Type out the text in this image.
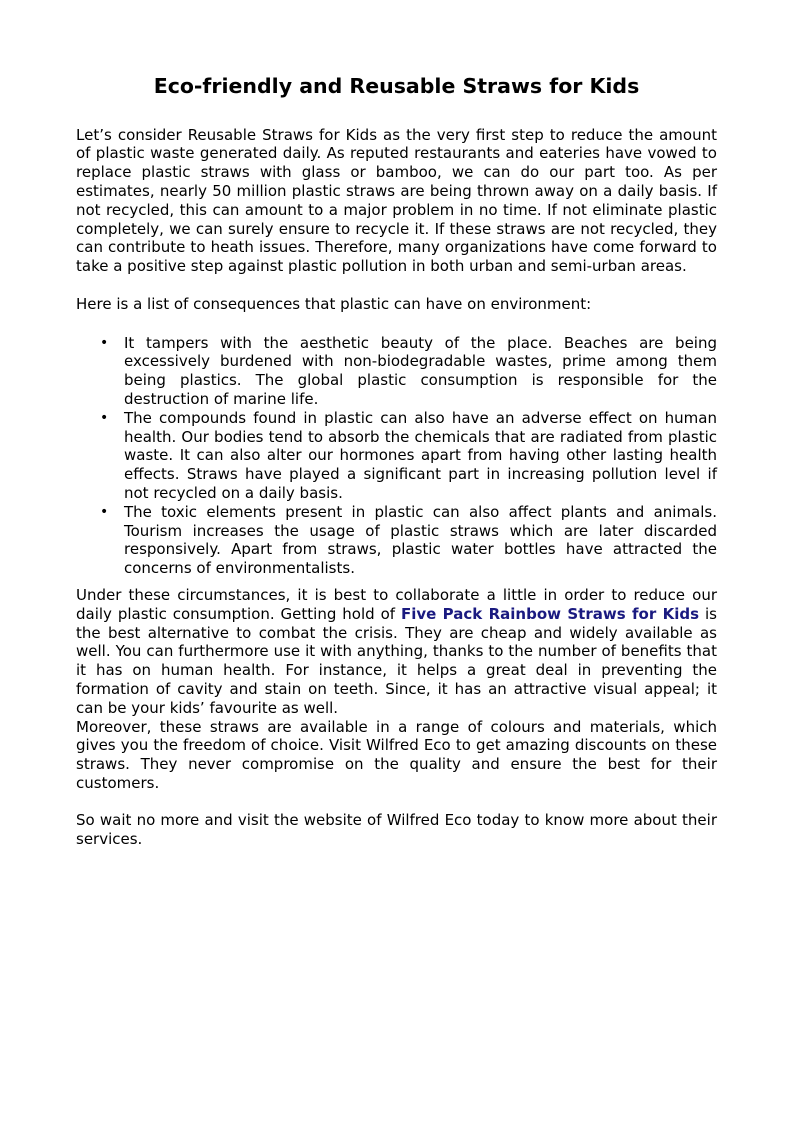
Eco-friendly and Reusable Straws for Kids

Let’s consider Reusable Straws for Kids as the very first step to reduce the amount of plastic waste generated daily. As reputed restaurants and eateries have vowed to replace plastic straws with glass or bamboo, we can do our part too. As per estimates, nearly 50 million plastic straws are being thrown away on a daily basis. If not recycled, this can amount to a major problem in no time. If not eliminate plastic completely, we can surely ensure to recycle it. If these straws are not recycled, they can contribute to heath issues. Therefore, many organizations have come forward to take a positive step against plastic pollution in both urban and semi-urban areas.

Here is a list of consequences that plastic can have on environment:

• It tampers with the aesthetic beauty of the place. Beaches are being excessively burdened with non-biodegradable wastes, prime among them being plastics. The global plastic consumption is responsible for the destruction of marine life.
• The compounds found in plastic can also have an adverse effect on human health. Our bodies tend to absorb the chemicals that are radiated from plastic waste. It can also alter our hormones apart from having other lasting health effects. Straws have played a significant part in increasing pollution level if not recycled on a daily basis.
• The toxic elements present in plastic can also affect plants and animals. Tourism increases the usage of plastic straws which are later discarded responsively. Apart from straws, plastic water bottles have attracted the concerns of environmentalists.

Under these circumstances, it is best to collaborate a little in order to reduce our daily plastic consumption. Getting hold of Five Pack Rainbow Straws for Kids is the best alternative to combat the crisis. They are cheap and widely available as well. You can furthermore use it with anything, thanks to the number of benefits that it has on human health. For instance, it helps a great deal in preventing the formation of cavity and stain on teeth. Since, it has an attractive visual appeal; it can be your kids’ favourite as well.

Moreover, these straws are available in a range of colours and materials, which gives you the freedom of choice. Visit Wilfred Eco to get amazing discounts on these straws. They never compromise on the quality and ensure the best for their customers.

So wait no more and visit the website of Wilfred Eco today to know more about their services.
